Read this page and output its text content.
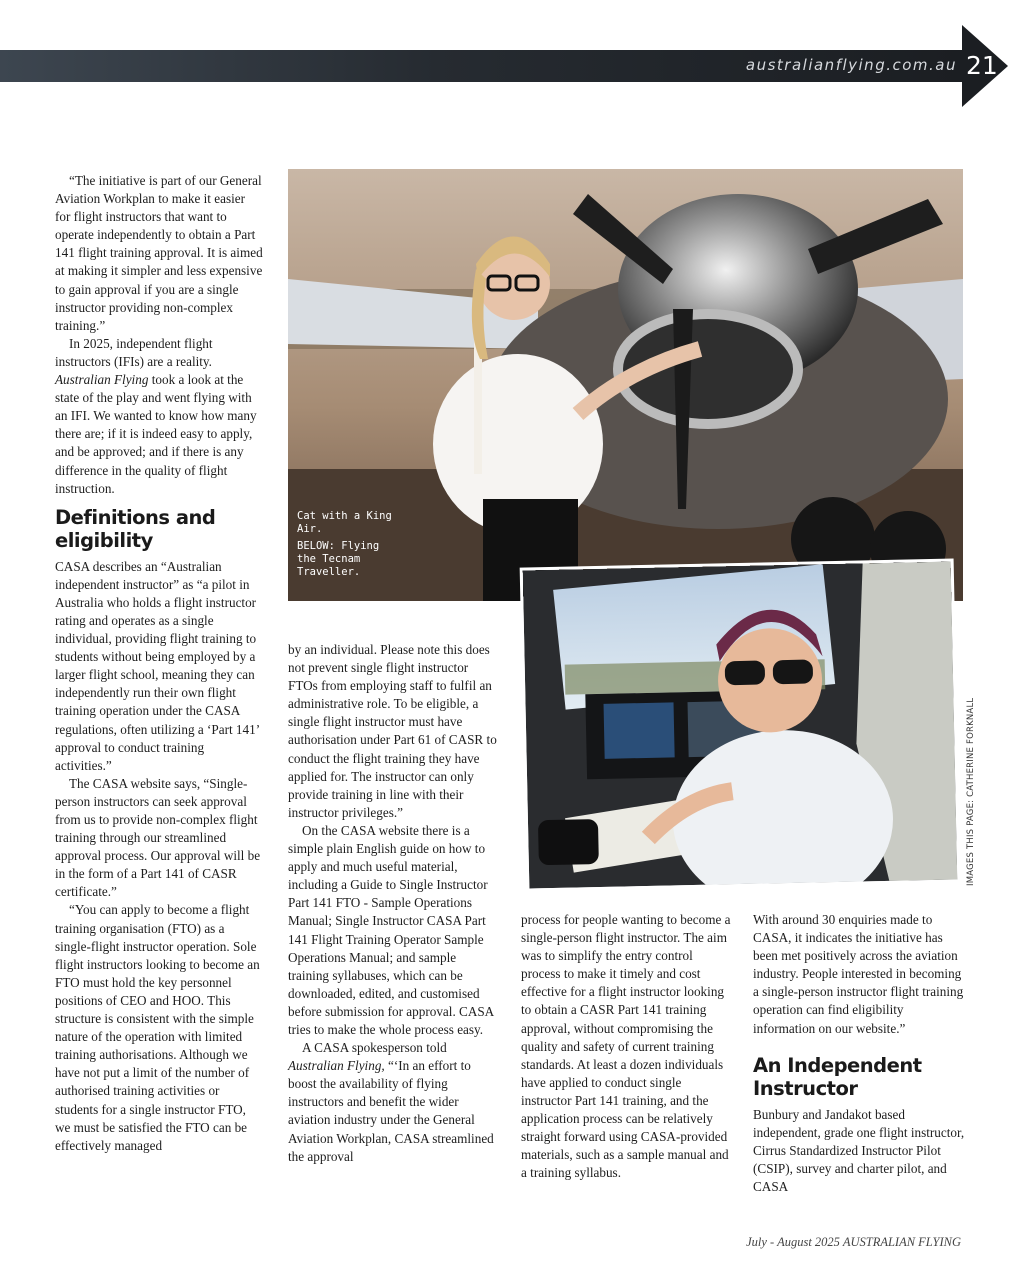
australianflying.com.au 21
Cat with a King Air.
BELOW: Flying the Tecnam Traveller.
IMAGES THIS PAGE: CATHERINE FORKNALL

“The initiative is part of our General Aviation Workplan to make it easier for flight instructors that want to operate independently to obtain a Part 141 flight training approval. It is aimed at making it simpler and less expensive to gain approval if you are a single instructor providing non-complex training.”

In 2025, independent flight instructors (IFIs) are a reality. Australian Flying took a look at the state of the play and went flying with an IFI. We wanted to know how many there are; if it is indeed easy to apply, and be approved; and if there is any difference in the quality of flight instruction.

Definitions and eligibility

CASA describes an “Australian independent instructor” as “a pilot in Australia who holds a flight instructor rating and operates as a single individual, providing flight training to students without being employed by a larger flight school, meaning they can independently run their own flight training operation under the CASA regulations, often utilizing a ‘Part 141’ approval to conduct training activities.”

The CASA website says, “Single-person instructors can seek approval from us to provide non-complex flight training through our streamlined approval process. Our approval will be in the form of a Part 141 of CASR certificate.”

“You can apply to become a flight training organisation (FTO) as a single-flight instructor operation. Sole flight instructors looking to become an FTO must hold the key personnel positions of CEO and HOO. This structure is consistent with the simple nature of the operation with limited training authorisations. Although we have not put a limit of the number of authorised training activities or students for a single instructor FTO, we must be satisfied the FTO can be effectively managed

by an individual. Please note this does not prevent single flight instructor FTOs from employing staff to fulfil an administrative role. To be eligible, a single flight instructor must have authorisation under Part 61 of CASR to conduct the flight training they have applied for. The instructor can only provide training in line with their instructor privileges.”

On the CASA website there is a simple plain English guide on how to apply and much useful material, including a Guide to Single Instructor Part 141 FTO - Sample Operations Manual; Single Instructor CASA Part 141 Flight Training Operator Sample Operations Manual; and sample training syllabuses, which can be downloaded, edited, and customised before submission for approval. CASA tries to make the whole process easy.

A CASA spokesperson told Australian Flying, “‘In an effort to boost the availability of flying instructors and benefit the wider aviation industry under the General Aviation Workplan, CASA streamlined the approval

process for people wanting to become a single-person flight instructor. The aim was to simplify the entry control process to make it timely and cost effective for a flight instructor looking to obtain a CASR Part 141 training approval, without compromising the quality and safety of current training standards. At least a dozen individuals have applied to conduct single instructor Part 141 training, and the application process can be relatively straight forward using CASA-provided materials, such as a sample manual and a training syllabus.

With around 30 enquiries made to CASA, it indicates the initiative has been met positively across the aviation industry. People interested in becoming a single-person instructor flight training operation can find eligibility information on our website.”

An Independent Instructor

Bunbury and Jandakot based independent, grade one flight instructor, Cirrus Standardized Instructor Pilot (CSIP), survey and charter pilot, and CASA

July - August 2025 AUSTRALIAN FLYING
